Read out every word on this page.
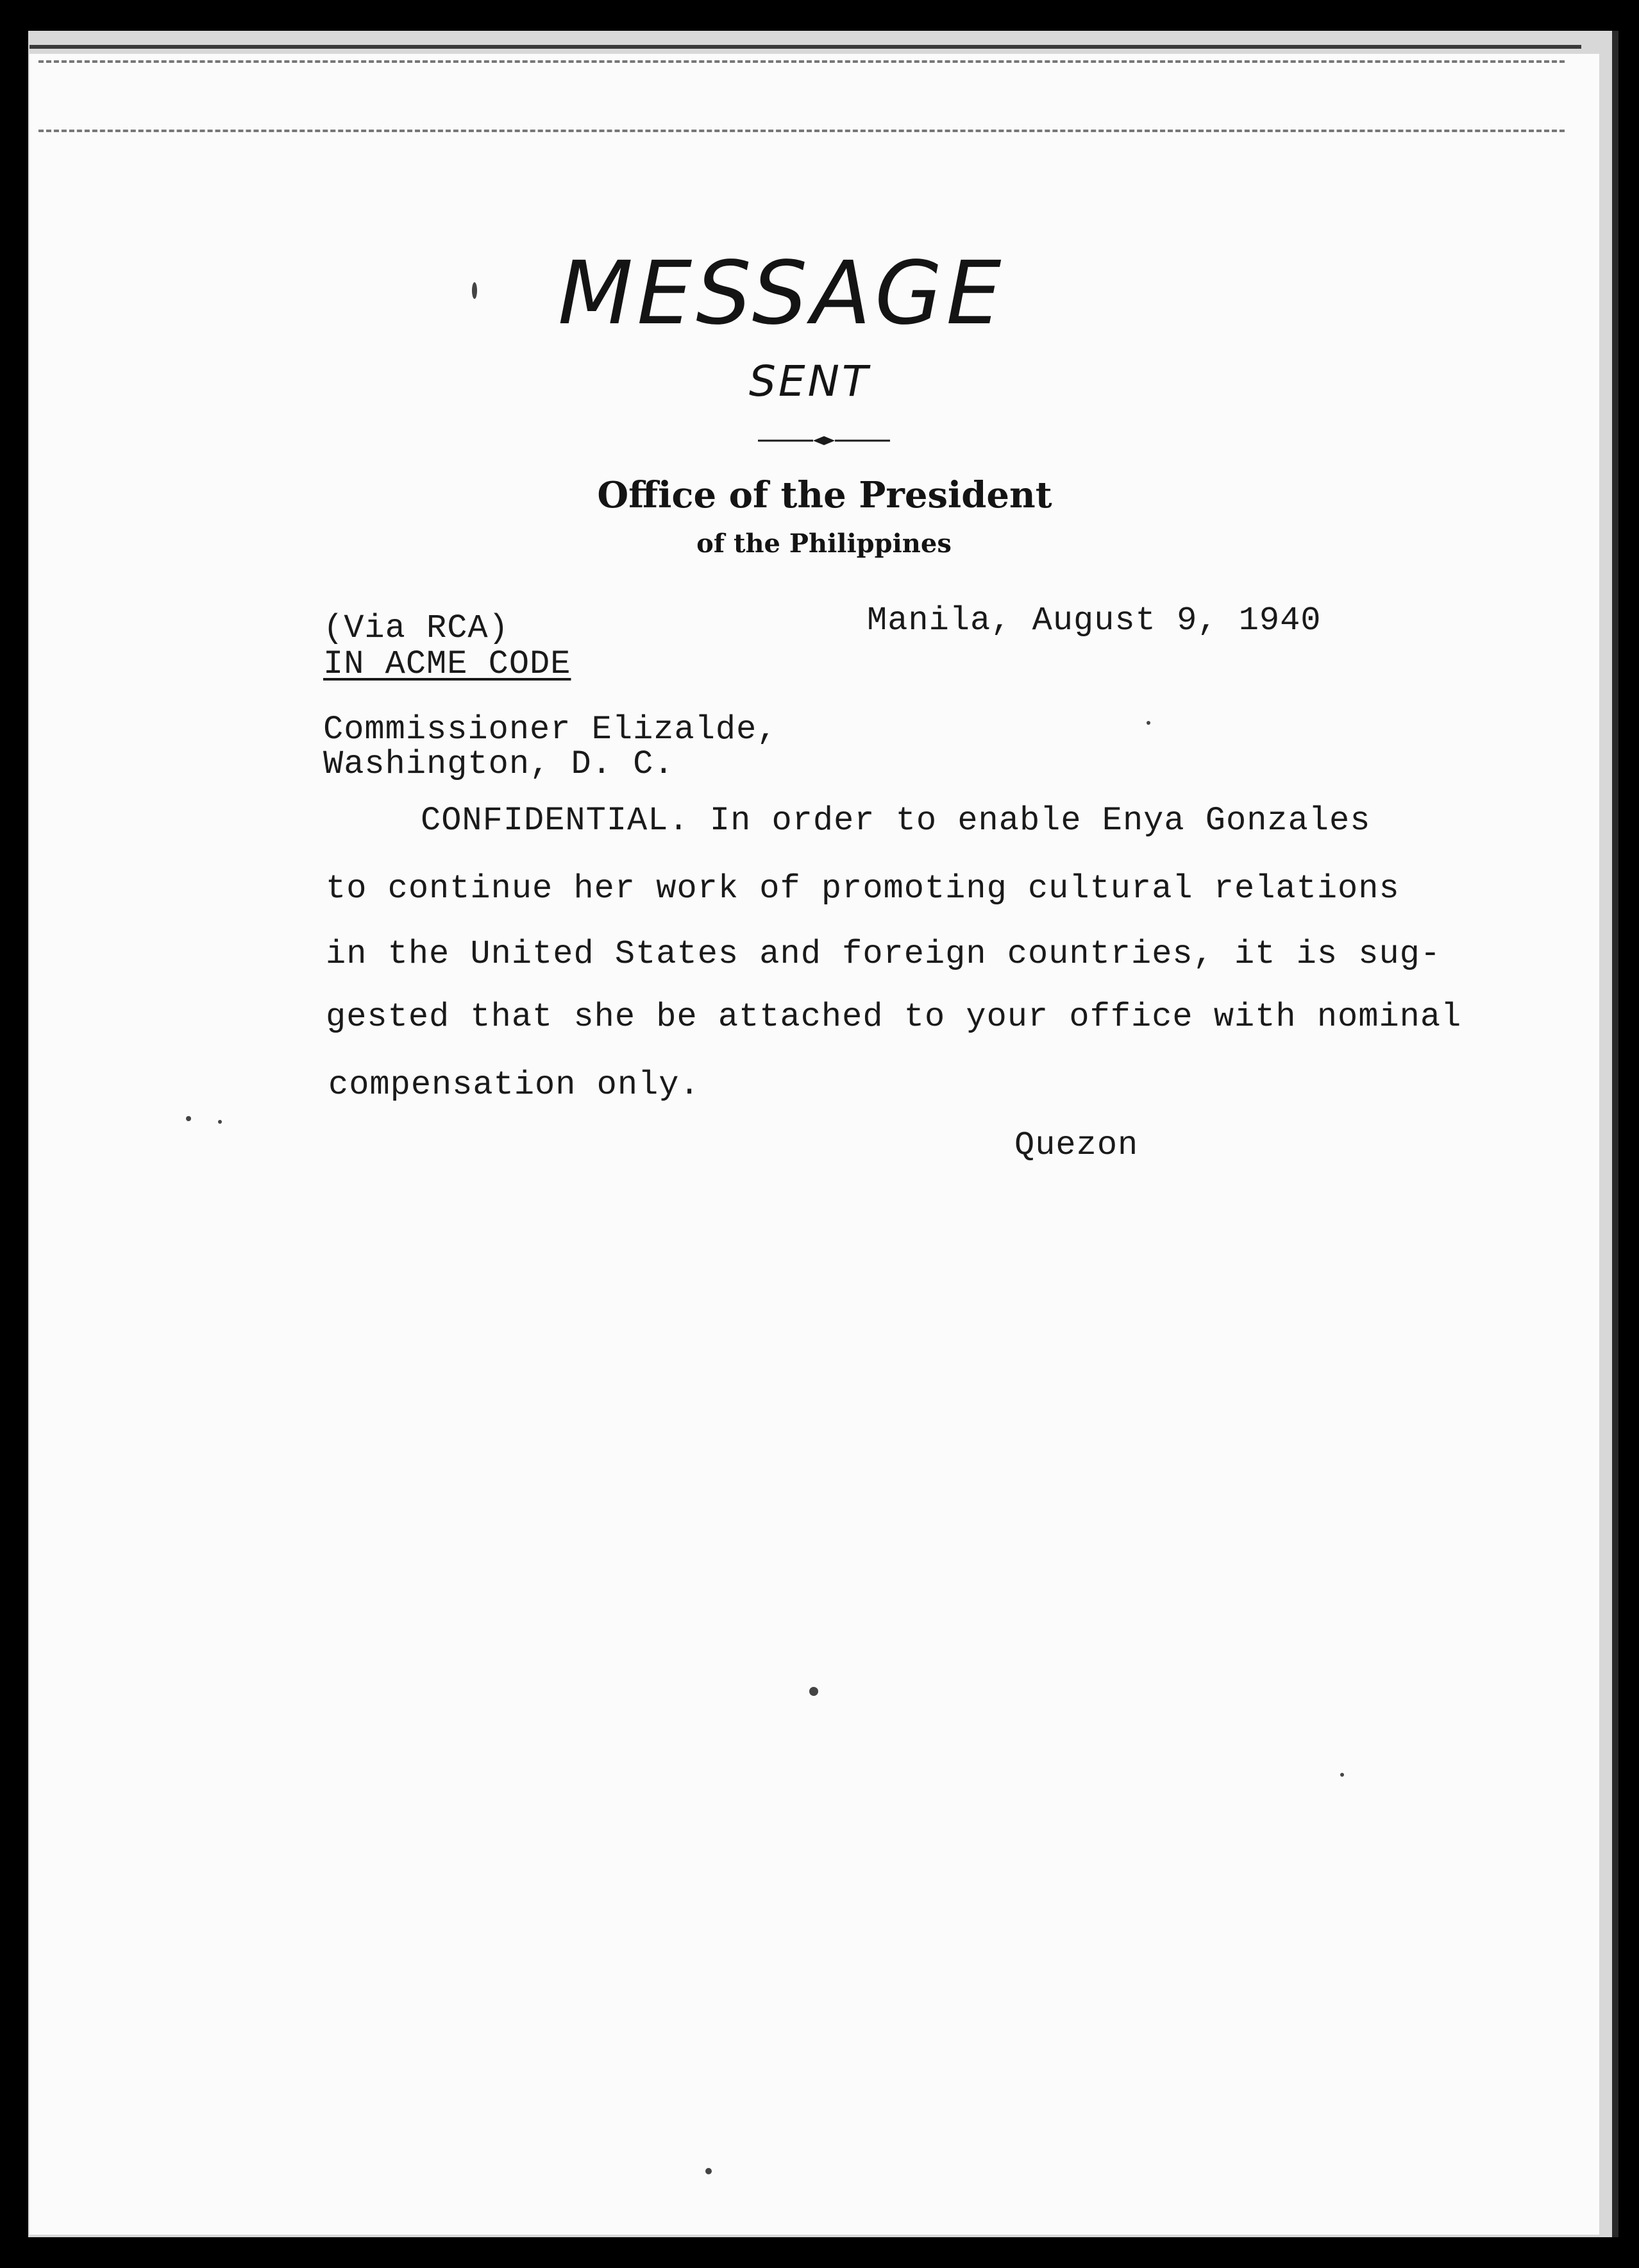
MESSAGE
SENT
Office of the President
of the Philippines
(Via RCA)
IN ACME CODE
Manila, August 9, 1940
Commissioner Elizalde,
Washington, D. C.
CONFIDENTIAL. In order to enable Enya Gonzales
to continue her work of promoting cultural relations
in the United States and foreign countries, it is sug-
gested that she be attached to your office with nominal
compensation only.
Quezon
